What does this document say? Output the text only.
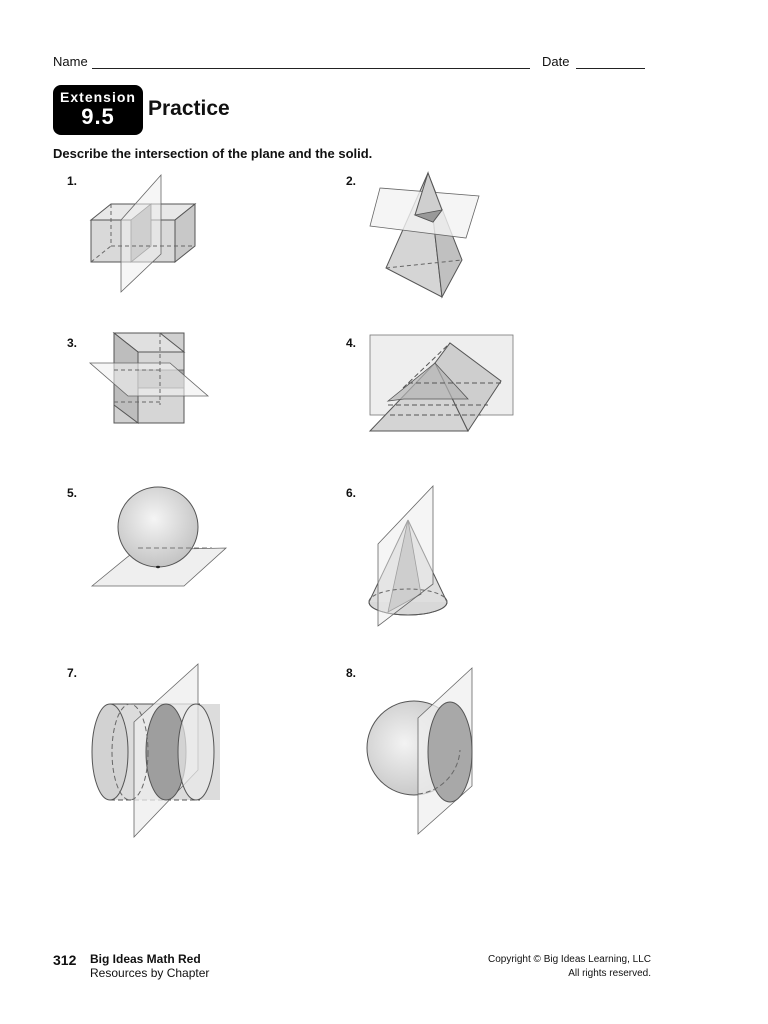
Name	Date
Extension
9.5	Practice
Describe the intersection of the plane and the solid.
1.	2.
3.	4.
5.	6.
7.	8.
312 Big Ideas Math Red
Resources by Chapter
Copyright © Big Ideas Learning, LLC
All rights reserved.
